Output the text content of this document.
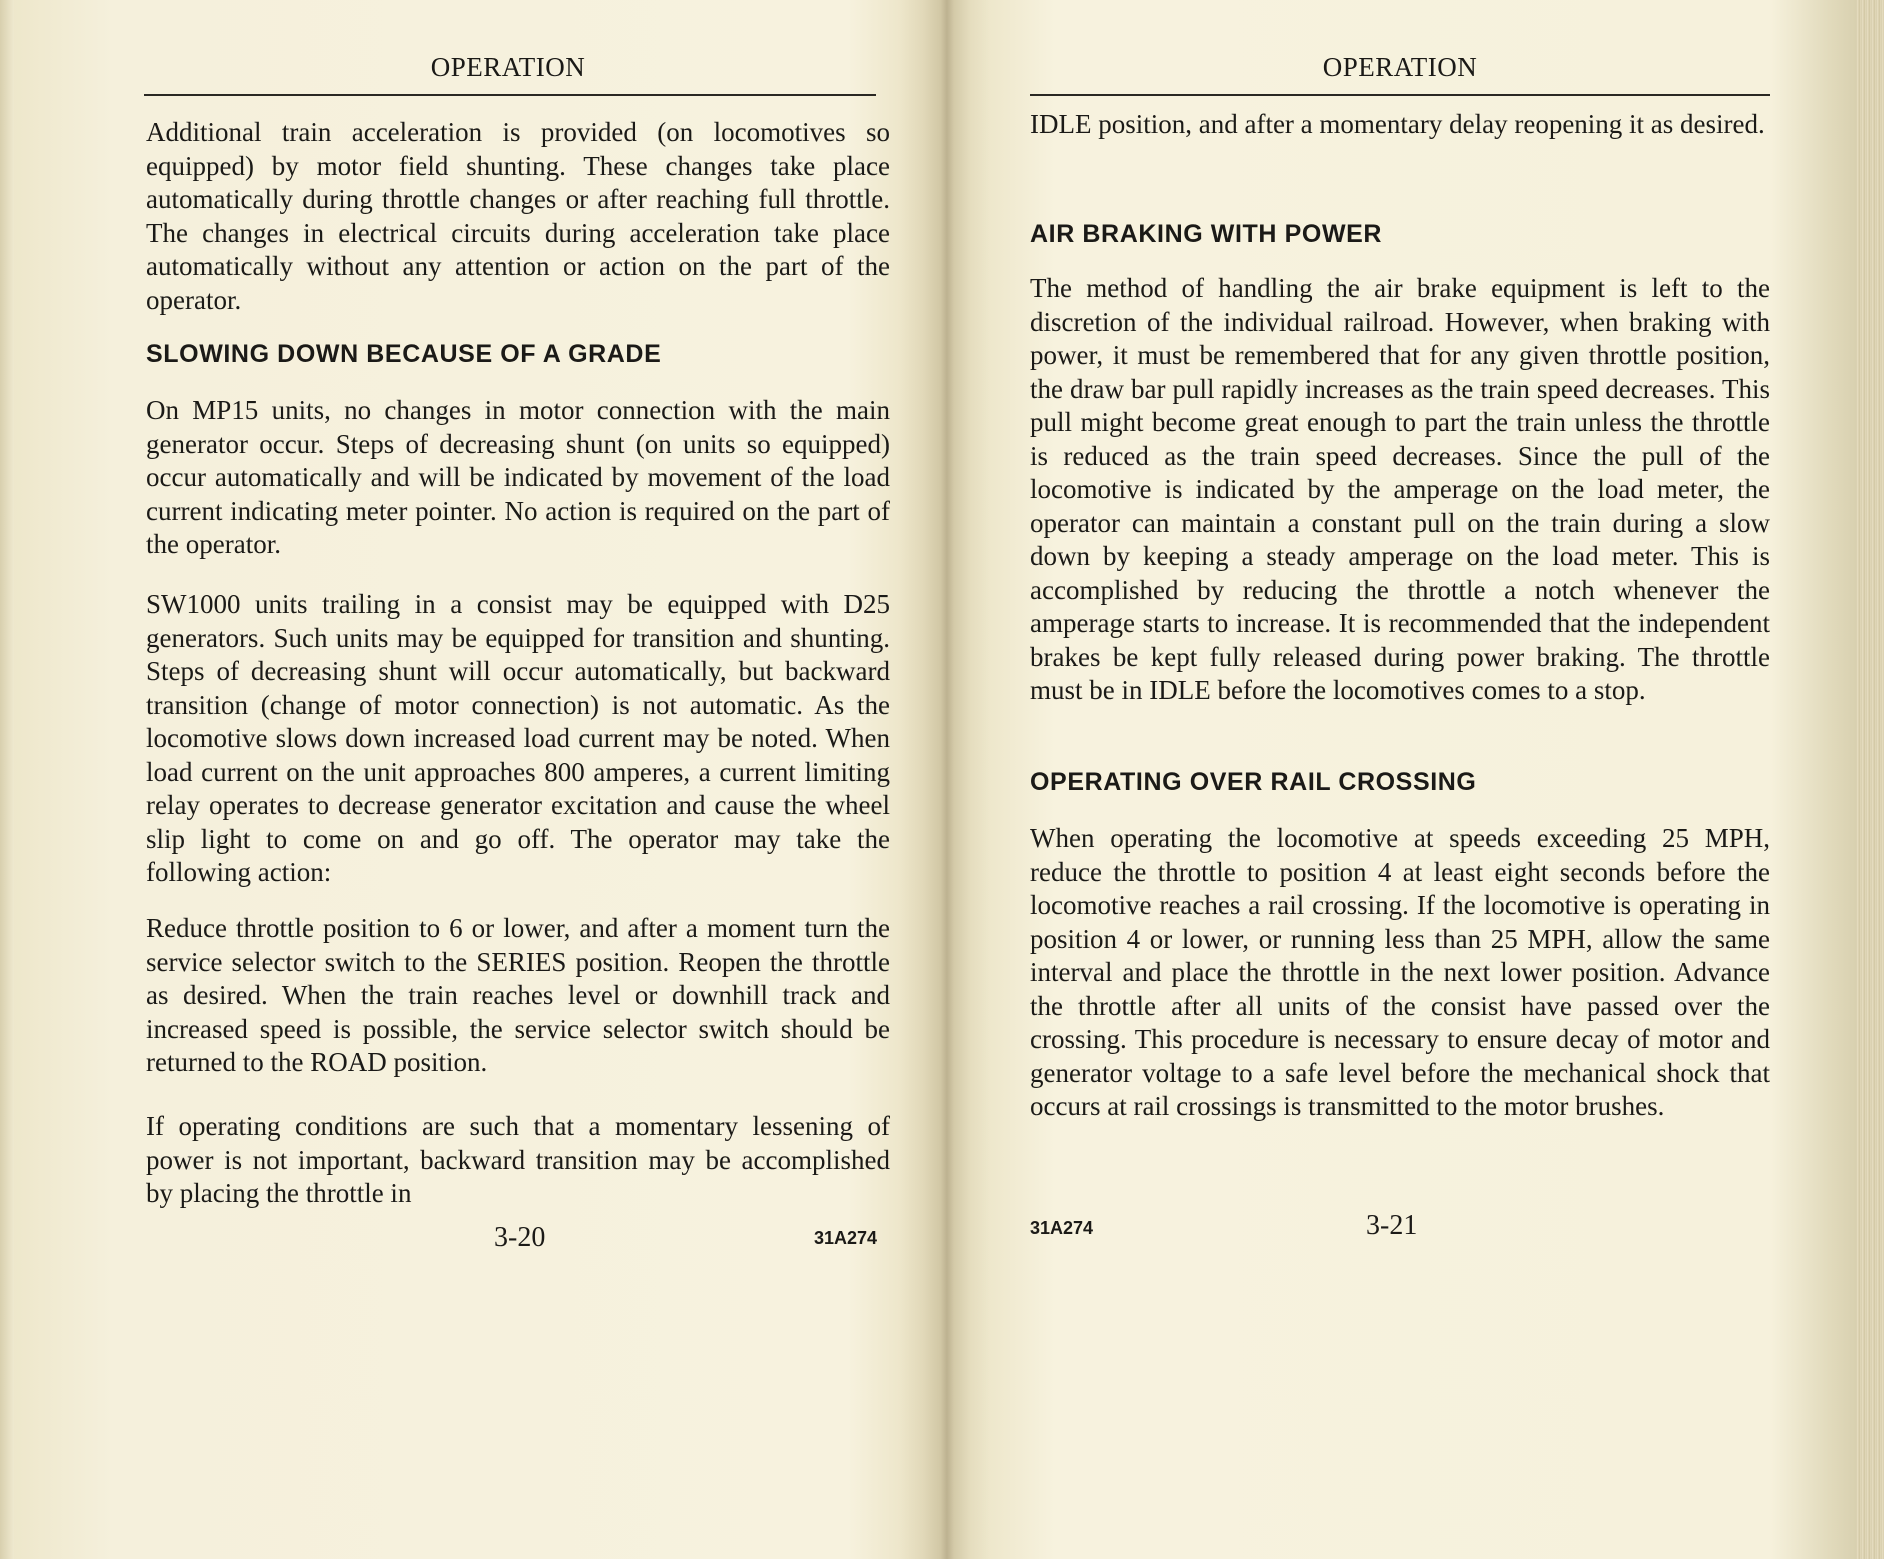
OPERATION

Additional train acceleration is provided (on locomotives so equipped) by motor field shunting. These changes take place automatically during throttle changes or after reaching full throttle. The changes in electrical circuits during acceleration take place automatically without any attention or action on the part of the operator.

SLOWING DOWN BECAUSE OF A GRADE

On MP15 units, no changes in motor connection with the main generator occur. Steps of decreasing shunt (on units so equipped) occur automatically and will be indicated by movement of the load current indicating meter pointer. No action is required on the part of the operator.

SW1000 units trailing in a consist may be equipped with D25 generators. Such units may be equipped for transition and shunting. Steps of decreasing shunt will occur automatically, but backward transition (change of motor connection) is not automatic. As the locomotive slows down increased load current may be noted. When load current on the unit approaches 800 amperes, a current limiting relay operates to decrease generator excitation and cause the wheel slip light to come on and go off. The operator may take the following action:

Reduce throttle position to 6 or lower, and after a moment turn the service selector switch to the SERIES position. Reopen the throttle as desired. When the train reaches level or downhill track and increased speed is possible, the service selector switch should be returned to the ROAD position.

If operating conditions are such that a momentary lessening of power is not important, backward transition may be accomplished by placing the throttle in

3-20	31A274
OPERATION

IDLE position, and after a momentary delay reopening it as desired.

AIR BRAKING WITH POWER

The method of handling the air brake equipment is left to the discretion of the individual railroad. However, when braking with power, it must be remembered that for any given throttle position, the draw bar pull rapidly increases as the train speed decreases. This pull might become great enough to part the train unless the throttle is reduced as the train speed decreases. Since the pull of the locomotive is indicated by the amperage on the load meter, the operator can maintain a constant pull on the train during a slow down by keeping a steady amperage on the load meter. This is accomplished by reducing the throttle a notch whenever the amperage starts to increase. It is recommended that the independent brakes be kept fully released during power braking. The throttle must be in IDLE before the locomotives comes to a stop.

OPERATING OVER RAIL CROSSING

When operating the locomotive at speeds exceeding 25 MPH, reduce the throttle to position 4 at least eight seconds before the locomotive reaches a rail crossing. If the locomotive is operating in position 4 or lower, or running less than 25 MPH, allow the same interval and place the throttle in the next lower position. Advance the throttle after all units of the consist have passed over the crossing. This procedure is necessary to ensure decay of motor and generator voltage to a safe level before the mechanical shock that occurs at rail crossings is transmitted to the motor brushes.

31A274	3-21
